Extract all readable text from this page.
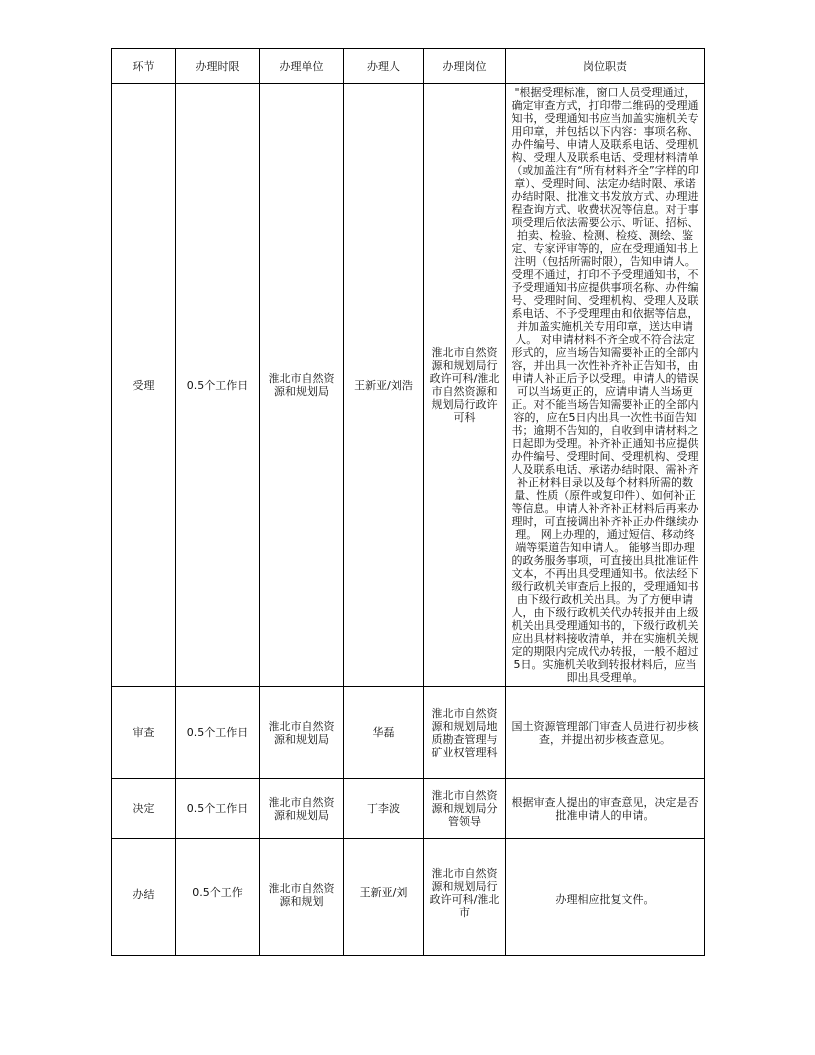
环节	办理时限	办理单位	办理人	办理岗位	岗位职责
受理	0.5个工作日	淮北市自然资源和规划局	王新亚/刘浩	淮北市自然资源和规划局行政许可科/淮北市自然资源和规划局行政许可科	"根据受理标准，窗口人员受理通过，确定审查方式，打印带二维码的受理通知书，受理通知书应当加盖实施机关专用印章，并包括以下内容：事项名称、办件编号、申请人及联系电话、受理机构、受理人及联系电话、受理材料清单（或加盖注有“所有材料齐全”字样的印章）、受理时间、法定办结时限、承诺办结时限、批准文书发放方式、办理进程查询方式、收费状况等信息。对于事项受理后依法需要公示、听证、招标、拍卖、检验、检测、检疫、测绘、鉴定、专家评审等的，应在受理通知书上注明（包括所需时限），告知申请人。 受理不通过，打印不予受理通知书，不予受理通知书应提供事项名称、办件编号、受理时间、受理机构、受理人及联系电话、不予受理理由和依据等信息，并加盖实施机关专用印章，送达申请人。 对申请材料不齐全或不符合法定形式的，应当场告知需要补正的全部内容，并出具一次性补齐补正告知书，由申请人补正后予以受理。申请人的错误可以当场更正的，应请申请人当场更正。对不能当场告知需要补正的全部内容的，应在5日内出具一次性书面告知书；逾期不告知的，自收到申请材料之日起即为受理。补齐补正通知书应提供办件编号、受理时间、受理机构、受理人及联系电话、承诺办结时限、需补齐补正材料目录以及每个材料所需的数量、性质（原件或复印件）、如何补正等信息。申请人补齐补正材料后再来办理时，可直接调出补齐补正办件继续办理。 网上办理的，通过短信、移动终端等渠道告知申请人。 能够当即办理的政务服务事项，可直接出具批准证件文本，不再出具受理通知书。依法经下级行政机关审查后上报的，受理通知书由下级行政机关出具。为了方便申请人，由下级行政机关代办转报并由上级机关出具受理通知书的，下级行政机关应出具材料接收清单，并在实施机关规定的期限内完成代办转报，一般不超过5日。实施机关收到转报材料后，应当即出具受理单。

审查	0.5个工作日	淮北市自然资源和规划局	华磊	淮北市自然资源和规划局地质勘查管理与矿业权管理科	国土资源管理部门审查人员进行初步核查，并提出初步核查意见。
决定	0.5个工作日	淮北市自然资源和规划局	丁李波	淮北市自然资源和规划局分管领导	根据审查人提出的审查意见，决定是否批准申请人的申请。

办结	0.5个工作	淮北市自然资源和规划	王新亚/刘	淮北市自然资源和规划局行政许可科/淮北市	办理相应批复文件。
